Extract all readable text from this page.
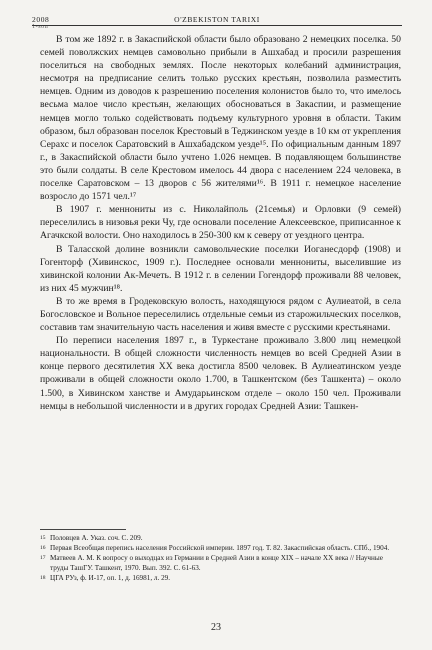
2008
1-son
O'ZBEKISTON TARIXI

В том же 1892 г. в Закаспийской области было образовано 2 немецких поселка. 50 семей поволжских немцев самовольно прибыли в Ашхабад и просили разрешения поселиться на свободных землях. После некоторых колебаний администрация, несмотря на предписание селить только русских крестьян, позволила разместить немцев. Одним из доводов к разрешению поселения колонистов было то, что имелось весьма малое число крестьян, желающих обосноваться в Закаспии, и размещение немцев могло только содействовать подъему культурного уровня в области. Таким образом, был образован поселок Крестовый в Теджинском уезде в 10 км от укрепления Серахс и поселок Саратовский в Ашхабадском уезде¹⁵. По официальным данным 1897 г., в Закаспийской области было учтено 1.026 немцев. В подавляющем большинстве это были солдаты. В селе Крестовом имелось 44 двора с населением 224 человека, в поселке Саратовском – 13 дворов с 56 жителями¹⁶. В 1911 г. немецкое население возросло до 1571 чел.¹⁷

В 1907 г. меннониты из с. Николайполь (21семья) и Орловки (9 семей) переселились в низовья реки Чу, где основали поселение Алексеевское, приписанное к Агачкской волости. Оно находилось в 250-300 км к северу от уездного центра.

В Таласской долине возникли самовольческие поселки Иоганесдорф (1908) и Гогенторф (Хивинскос, 1909 г.). Последнее основали меннониты, выселившие из хивинской колонии Ак-Мечеть. В 1912 г. в селении Гогендорф проживали 88 человек, из них 45 мужчин¹⁸.

В то же время в Гродековскую волость, находящуюся рядом с Аулиеатой, в села Богословское и Вольное переселились отдельные семьи из старожильческих поселков, составив там значительную часть населения и живя вместе с русскими крестьянами.

По переписи населения 1897 г., в Туркестане проживало 3.800 лиц немецкой национальности. В общей сложности численность немцев во всей Средней Азии в конце первого десятилетия XX века достигла 8500 человек. В Аулиеатинском уезде проживали в общей сложности около 1.700, в Ташкентском (без Ташкента) – около 1.500, в Хивинском ханстве и Амударьинском отделе – около 150 чел. Проживали немцы в небольшой численности и в других городах Средней Азии: Ташкен-

15 Половцев А. Указ. соч. С. 209.

16 Первая Всеобщая перепись населения Российской империи. 1897 год. Т. 82. Закаспийская область. СПб., 1904.

17 Матвеев А. М. К вопросу о выходцах из Германии в Средней Азии в конце XIX – начале XX века // Научные труды ТашГУ. Ташкент, 1970. Вып. 392. С. 61-63.

18 ЦГА РУз, ф. И-17, оп. 1, д. 16981, л. 29.

23
